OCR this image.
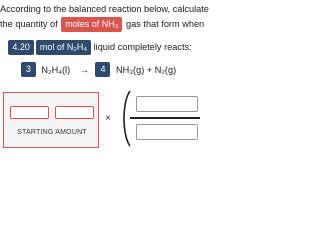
According to the balanced reaction below, calculate
the quantity of moles of NH₃ gas that form when
4.20 mol of N₂H₄ liquid completely reacts:
3 N₂H₄(l) → 4 NH₃(g) + N₂(g)
STARTING AMOUNT
×
